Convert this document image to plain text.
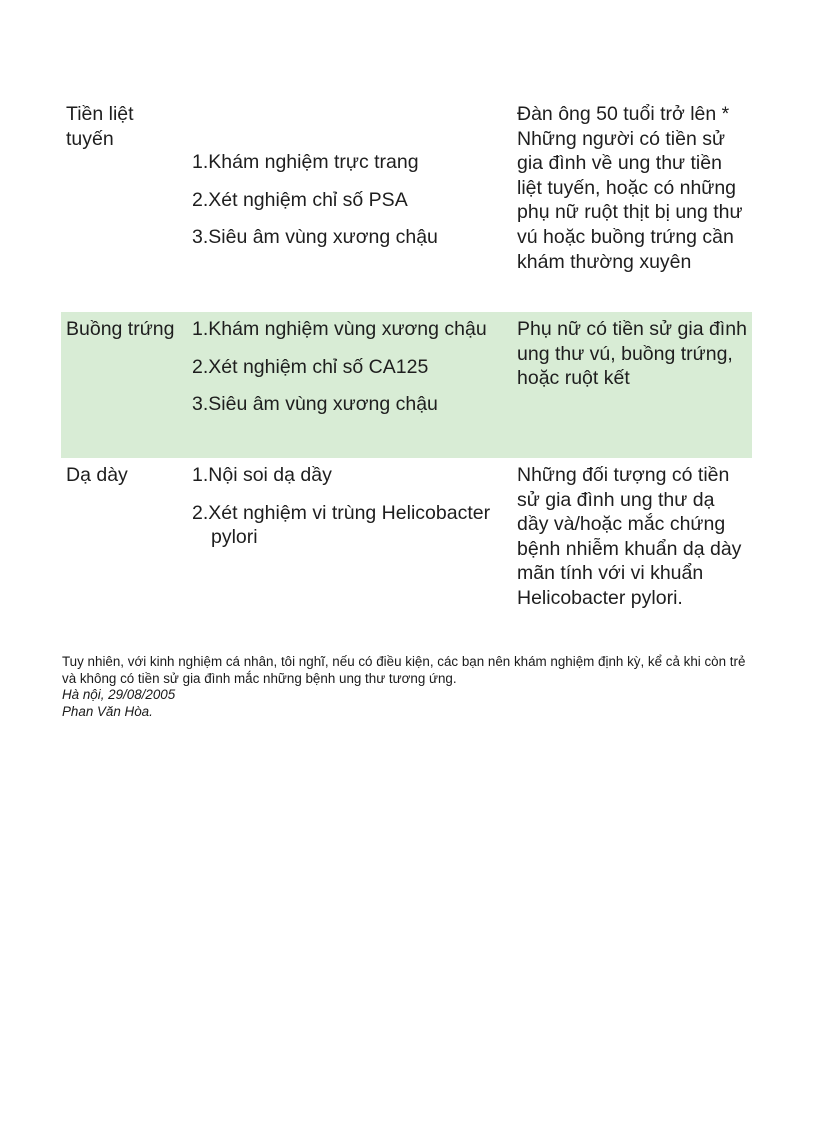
Tiền liệt tuyến
1.Khám nghiệm trực trang
2.Xét nghiệm chỉ số PSA
3.Siêu âm vùng xương chậu
Đàn ông 50 tuổi trở lên * Những người có tiền sử gia đình về ung thư tiền liệt tuyến, hoặc có những phụ nữ ruột thịt bị ung thư vú hoặc buồng trứng cần khám thường xuyên
Buồng trứng 1.Khám nghiệm vùng xương chậu
2.Xét nghiệm chỉ số CA125
3.Siêu âm vùng xương chậu
Phụ nữ có tiền sử gia đình ung thư vú, buồng trứng, hoặc ruột kết
Dạ dày	1.Nội soi dạ dầy
2.Xét nghiệm vi trùng Helicobacter pylori
Những đối tượng có tiền sử gia đình ung thư dạ dầy và/hoặc mắc chứng bệnh nhiễm khuẩn dạ dày mãn tính với vi khuẩn Helicobacter pylori.

Tuy nhiên, với kinh nghiệm cá nhân, tôi nghĩ, nếu có điều kiện, các bạn nên khám nghiệm định kỳ, kể cả khi còn trẻ và không có tiền sử gia đình mắc những bệnh ung thư tương ứng.

Hà nội, 29/08/2005

Phan Văn Hòa.
